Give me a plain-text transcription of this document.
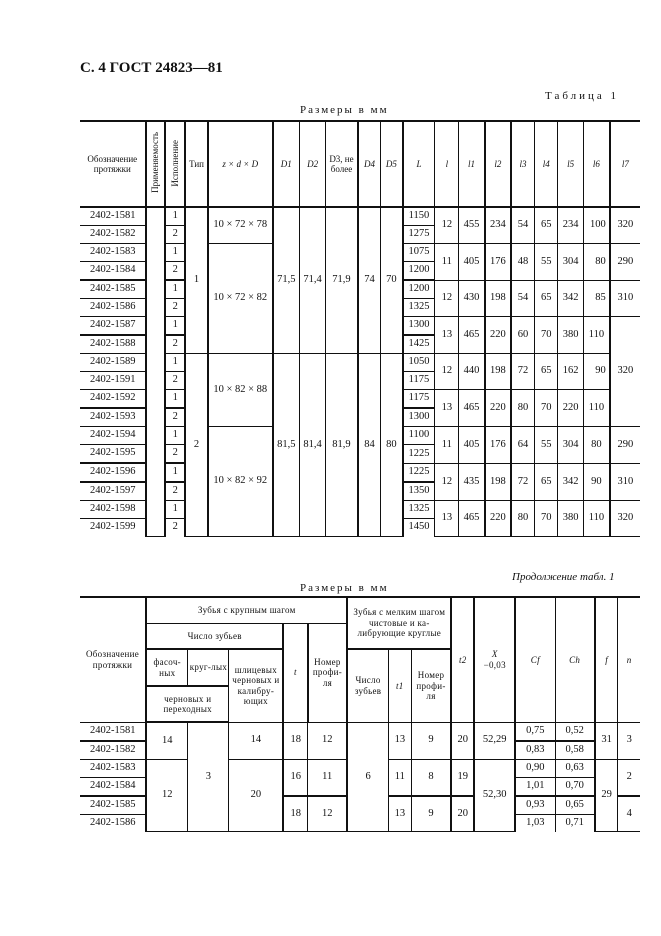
С. 4 ГОСТ 24823—81
Размеры в мм
Таблица 1
Обозначение протяжки	Применяемость	Исполнение	Тип	z × d × D	D1	D2	D3, не более	D4	D5	L	l	l1	l2	l3	l4	l5	l6	l7
2402-1581		1	1	10 × 72 × 78	71,5	71,4	71,9	74	70	1150	12	455	234	54	65	234	100	320
2402-1582		2								1275								
2402-1583		1		10 × 72 × 82						1075	11	405	176	48	55	304	80	290
2402-1584		2								1200								
2402-1585		1								1200	12	430	198	54	65	342	85	310
2402-1586		2								1325								
2402-1587		1								1300	13	465	220	60	70	380	110	320
2402-1588		2								1425								
2402-1589		1	2	10 × 82 × 88	81,5	81,4	81,9	84	80	1050	12	440	198	72	65	162	90	
2402-1591		2								1175								
2402-1592		1								1175	13	465	220	80	70	220	110	
2402-1593		2								1300								
2402-1594		1		10 × 82 × 92						1100	11	405	176	64	55	304	80	290
2402-1595		2								1225								
2402-1596		1								1225	12	435	198	72	65	342	90	310
2402-1597		2								1350								
2402-1598		1								1325	13	465	220	80	70	380	110	320
2402-1599		2								1450								
Продолжение табл. 1
Размеры в мм
Обозначение протяжки	Зубья с крупным шагом					Зубья с мелким шагом чистовые и ка-либрующие круглые			t2	X
−0,03	Cf	Ch	f	n
	Число зубьев			t	Номер профи-ля									
	фасоч-ных	круг-лых	шлицевых черновых и калибру-ющих			Число зубьев	t1	Номер профи-ля						
	черновых и переходных													
2402-1581	14	3	14	18	12	6	13	9	20	52,29	0,75	0,52	31	3
2402-1582											0,83	0,58		
2402-1583	12		20	16	11		11	8	19	52,30	0,90	0,63	29	2
2402-1584											1,01	0,70		
2402-1585				18	12		13	9	20		0,93	0,65		4
2402-1586											1,03	0,71		
